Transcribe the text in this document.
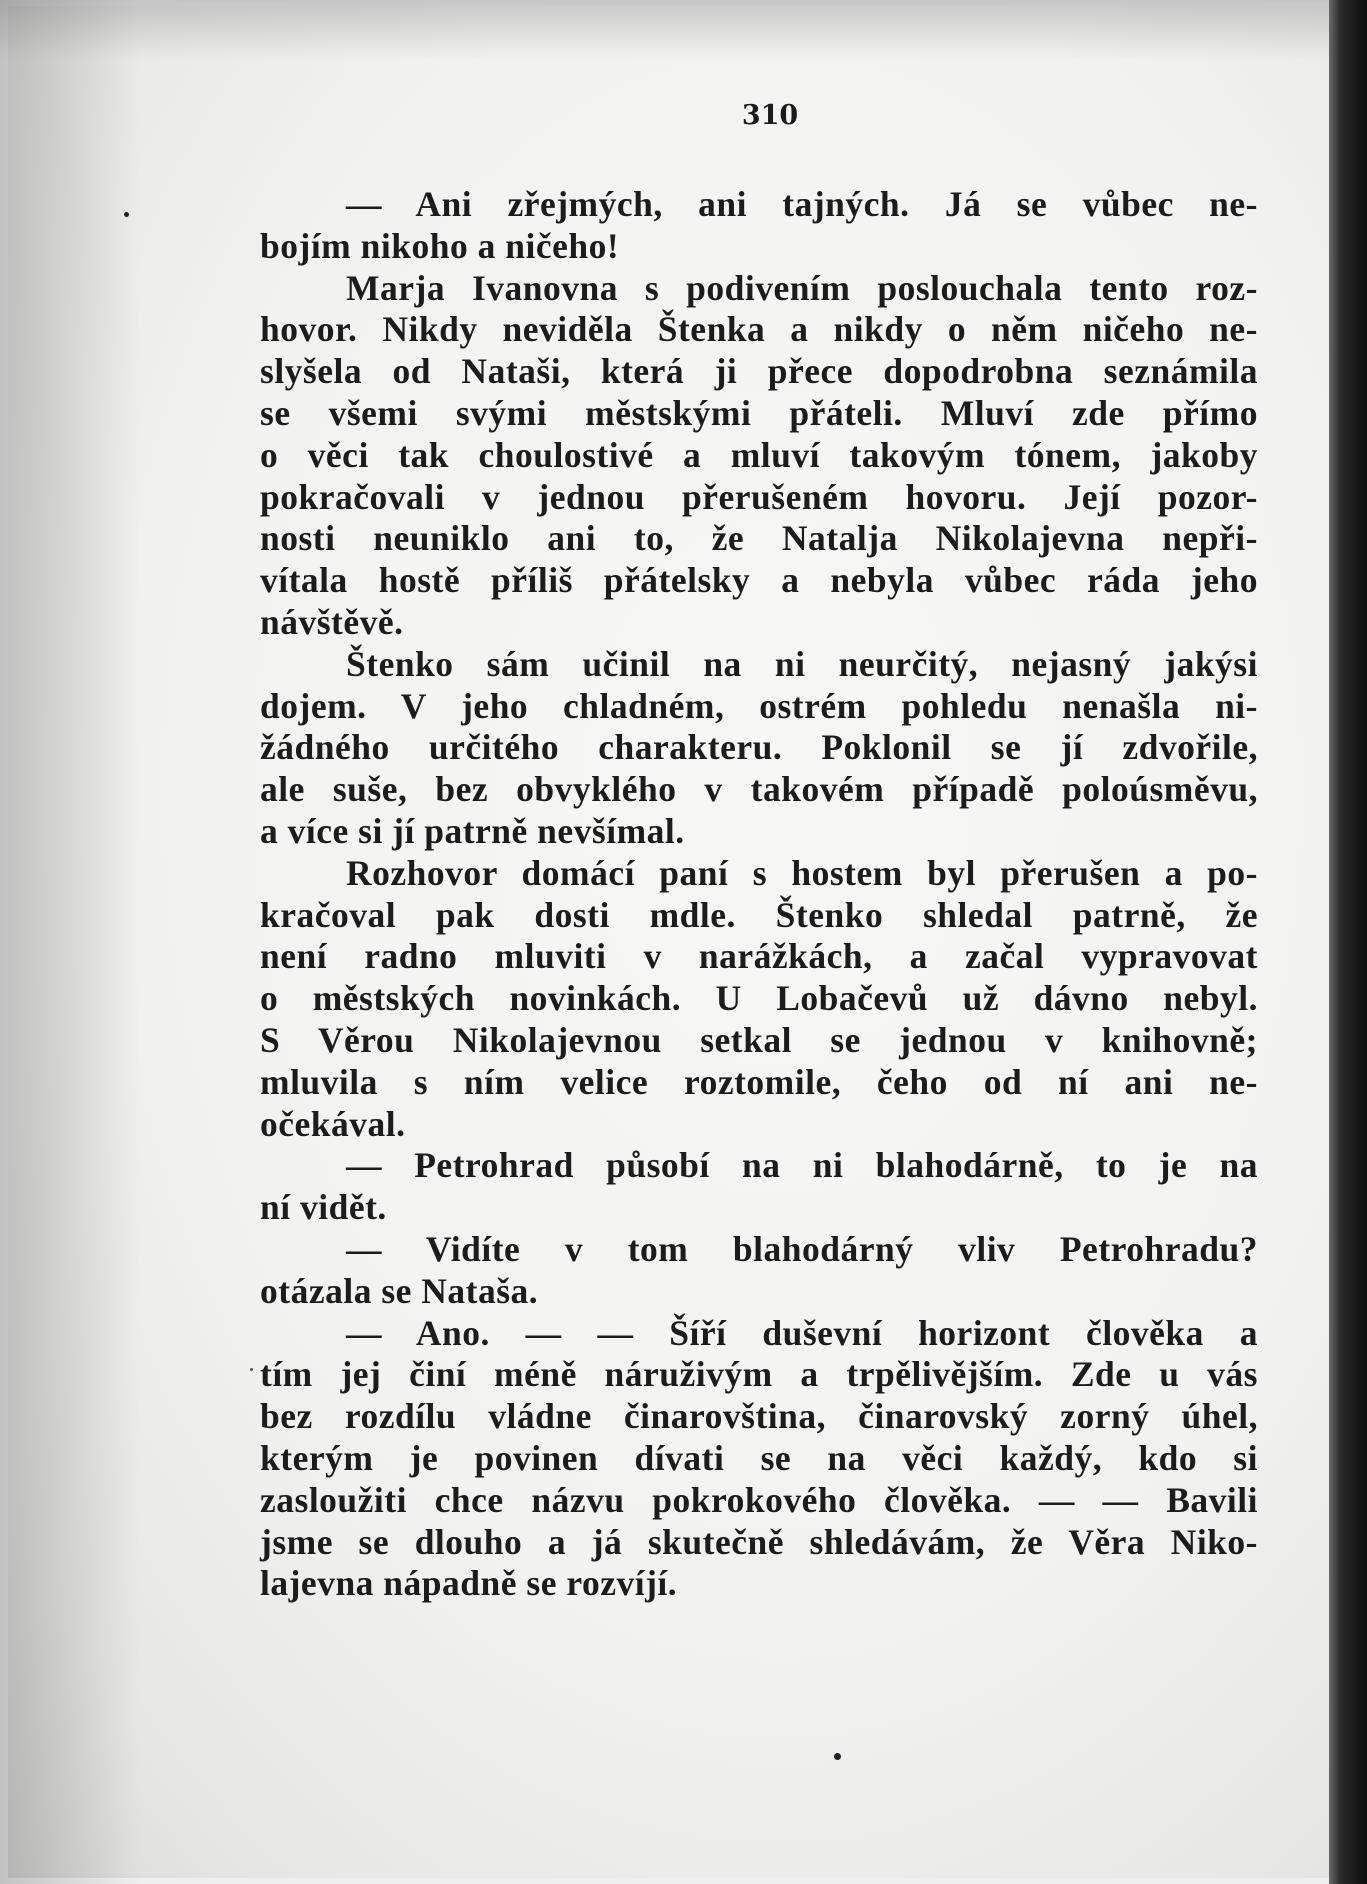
310
— Ani zřejmých, ani tajných. Já se vůbec ne-
bojím nikoho a ničeho!
Marja Ivanovna s podivením poslouchala tento roz-
hovor. Nikdy neviděla Štenka a nikdy o něm ničeho ne-
slyšela od Nataši, která ji přece dopodrobna seznámila
se všemi svými městskými přáteli. Mluví zde přímo
o věci tak choulostivé a mluví takovým tónem, jakoby
pokračovali v jednou přerušeném hovoru. Její pozor-
nosti neuniklo ani to, že Natalja Nikolajevna nepři-
vítala hostě příliš přátelsky a nebyla vůbec ráda jeho
návštěvě.
Štenko sám učinil na ni neurčitý, nejasný jakýsi
dojem. V jeho chladném, ostrém pohledu nenašla ni-
žádného určitého charakteru. Poklonil se jí zdvořile,
ale suše, bez obvyklého v takovém případě poloúsměvu,
a více si jí patrně nevšímal.
Rozhovor domácí paní s hostem byl přerušen a po-
kračoval pak dosti mdle. Štenko shledal patrně, že
není radno mluviti v narážkách, a začal vypravovat
o městských novinkách. U Lobačevů už dávno nebyl.
S Věrou Nikolajevnou setkal se jednou v knihovně;
mluvila s ním velice roztomile, čeho od ní ani ne-
očekával.
— Petrohrad působí na ni blahodárně, to je na
ní vidět.
— Vidíte v tom blahodárný vliv Petrohradu?
otázala se Nataša.
— Ano. — — Šíří duševní horizont člověka a
tím jej činí méně náruživým a trpělivějším. Zde u vás
bez rozdílu vládne činarovština, činarovský zorný úhel,
kterým je povinen dívati se na věci každý, kdo si
zasloužiti chce názvu pokrokového člověka. — — Bavili
jsme se dlouho a já skutečně shledávám, že Věra Niko-
lajevna nápadně se rozvíjí.
